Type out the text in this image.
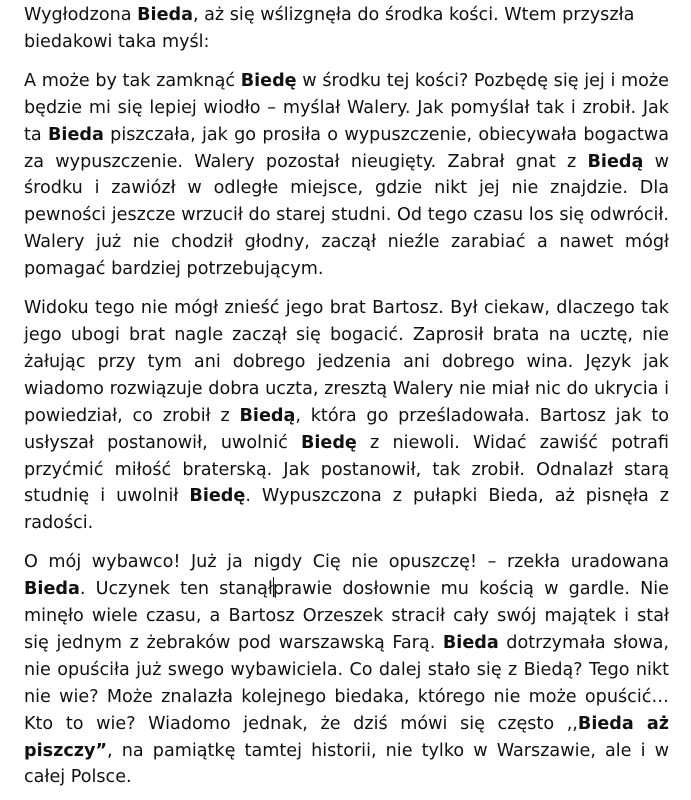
Wygłodzona Bieda, aż się wślizgnęła do środka kości. Wtem przyszła biedakowi taka myśl:

A może by tak zamknąć Biedę w środku tej kości? Pozbędę się jej i może będzie mi się lepiej wiodło – myślał Walery. Jak pomyślał tak i zrobił. Jak ta Bieda piszczała, jak go prosiła o wypuszczenie, obiecywała bogactwa za wypuszczenie. Walery pozostał nieugięty. Zabrał gnat z Biedą w środku i zawiózł w odległe miejsce, gdzie nikt jej nie znajdzie. Dla pewności jeszcze wrzucił do starej studni. Od tego czasu los się odwrócił. Walery już nie chodził głodny, zaczął nieźle zarabiać a nawet mógł pomagać bardziej potrzebującym.

Widoku tego nie mógł znieść jego brat Bartosz. Był ciekaw, dlaczego tak jego ubogi brat nagle zaczął się bogacić. Zaprosił brata na ucztę, nie żałując przy tym ani dobrego jedzenia ani dobrego wina. Język jak wiadomo rozwiązuje dobra uczta, zresztą Walery nie miał nic do ukrycia i powiedział, co zrobił z Biedą, która go prześladowała. Bartosz jak to usłyszał postanowił, uwolnić Biedę z niewoli. Widać zawiść potrafi przyćmić miłość braterską. Jak postanowił, tak zrobił. Odnalazł starą studnię i uwolnił Biedę. Wypuszczona z pułapki Bieda, aż pisnęła z radości.

O mój wybawco! Już ja nigdy Cię nie opuszczę! – rzekła uradowana Bieda. Uczynek ten stanąłprawie dosłownie mu kością w gardle. Nie minęło wiele czasu, a Bartosz Orzeszek stracił cały swój majątek i stał się jednym z żebraków pod warszawską Farą. Bieda dotrzymała słowa, nie opuściła już swego wybawiciela. Co dalej stało się z Biedą? Tego nikt nie wie? Może znalazła kolejnego biedaka, którego nie może opuścić…Kto to wie? Wiadomo jednak, że dziś mówi się często ,,Bieda aż piszczy”, na pamiątkę tamtej historii, nie tylko w Warszawie, ale i w całej Polsce.
